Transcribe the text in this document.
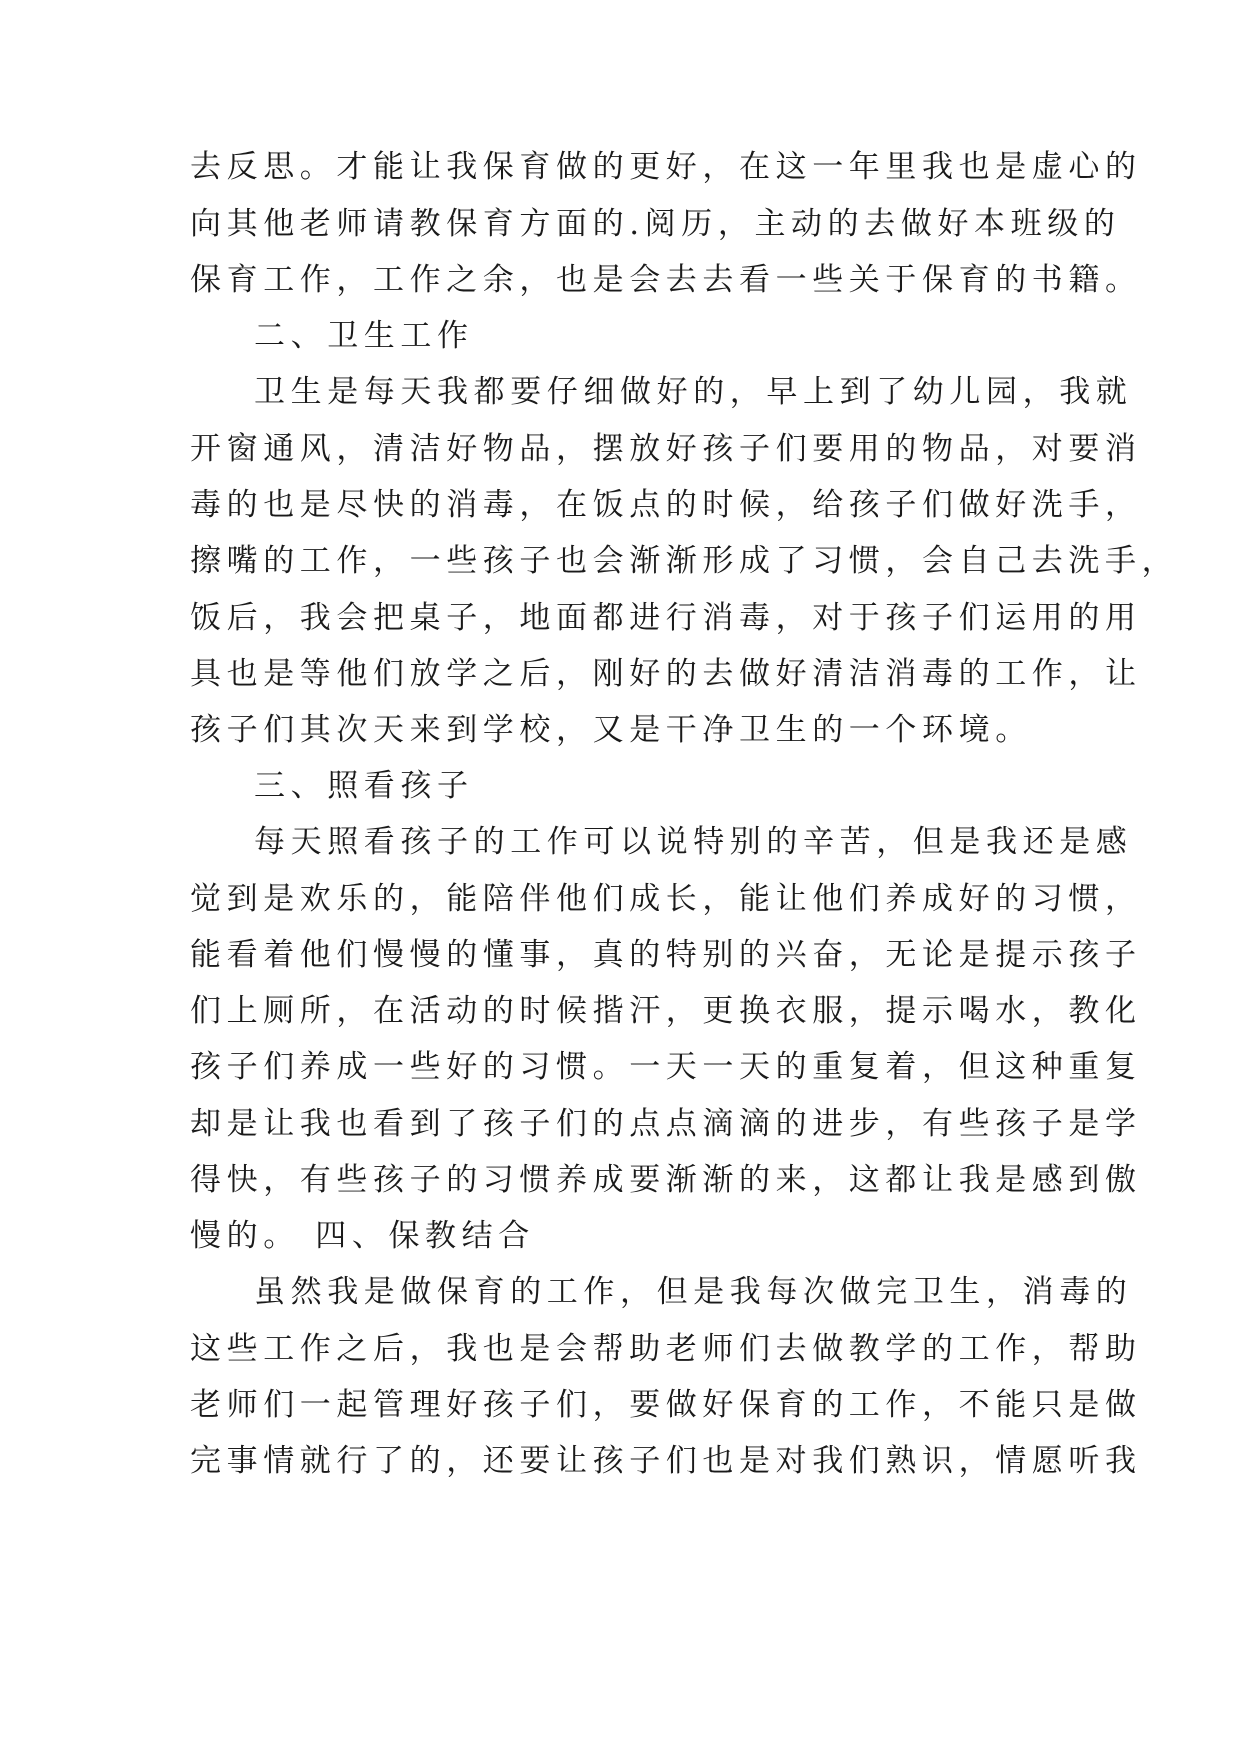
去反思。才能让我保育做的更好，在这一年里我也是虚心的
向其他老师请教保育方面的.阅历，主动的去做好本班级的
保育工作，工作之余，也是会去去看一些关于保育的书籍。
二、卫生工作
卫生是每天我都要仔细做好的，早上到了幼儿园，我就
开窗通风，清洁好物品，摆放好孩子们要用的物品，对要消
毒的也是尽快的消毒，在饭点的时候，给孩子们做好洗手，
擦嘴的工作，一些孩子也会渐渐形成了习惯，会自己去洗手，
饭后，我会把桌子，地面都进行消毒，对于孩子们运用的用
具也是等他们放学之后，刚好的去做好清洁消毒的工作，让
孩子们其次天来到学校，又是干净卫生的一个环境。
三、照看孩子
每天照看孩子的工作可以说特别的辛苦，但是我还是感
觉到是欢乐的，能陪伴他们成长，能让他们养成好的习惯，
能看着他们慢慢的懂事，真的特别的兴奋，无论是提示孩子
们上厕所，在活动的时候揩汗，更换衣服，提示喝水，教化
孩子们养成一些好的习惯。一天一天的重复着，但这种重复
却是让我也看到了孩子们的点点滴滴的进步，有些孩子是学
得快，有些孩子的习惯养成要渐渐的来，这都让我是感到傲
慢的。 四、保教结合
虽然我是做保育的工作，但是我每次做完卫生，消毒的
这些工作之后，我也是会帮助老师们去做教学的工作，帮助
老师们一起管理好孩子们，要做好保育的工作，不能只是做
完事情就行了的，还要让孩子们也是对我们熟识，情愿听我
